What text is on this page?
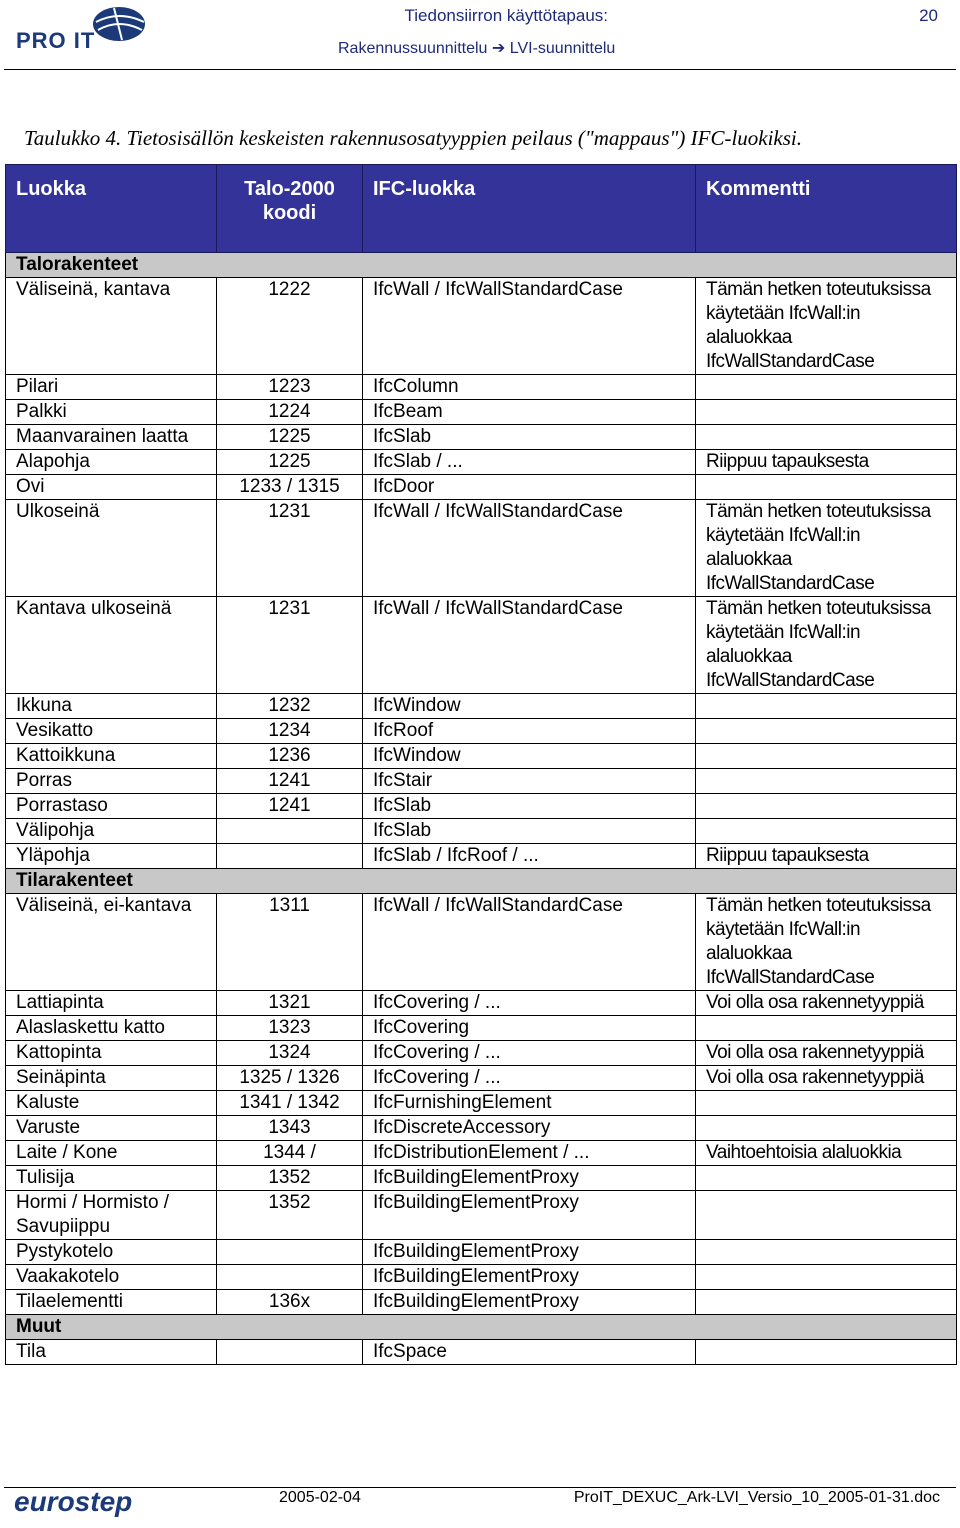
PRO IT
Tiedonsiirron käyttötapaus:	20
Rakennussuunnittelu ➔ LVI-suunnittelu
Taulukko 4. Tietosisällön keskeisten rakennusosatyyppien peilaus ("mappaus") IFC-luokiksi.
Luokka	Talo-2000 koodi	IFC-luokka	Kommentti
Talorakenteet			
Väliseinä, kantava	1222	IfcWall / IfcWallStandardCase	Tämän hetken toteutuksissa käytetään IfcWall:in alaluokkaa IfcWallStandardCase
Pilari	1223	IfcColumn	
Palkki	1224	IfcBeam	
Maanvarainen laatta	1225	IfcSlab	
Alapohja	1225	IfcSlab / ...	Riippuu tapauksesta
Ovi	1233 / 1315	IfcDoor	
Ulkoseinä	1231	IfcWall / IfcWallStandardCase	Tämän hetken toteutuksissa käytetään IfcWall:in alaluokkaa IfcWallStandardCase
Kantava ulkoseinä	1231	IfcWall / IfcWallStandardCase	Tämän hetken toteutuksissa käytetään IfcWall:in alaluokkaa IfcWallStandardCase
Ikkuna	1232	IfcWindow	
Vesikatto	1234	IfcRoof	
Kattoikkuna	1236	IfcWindow	
Porras	1241	IfcStair	
Porrastaso	1241	IfcSlab	
Välipohja		IfcSlab	
Yläpohja		IfcSlab / IfcRoof / ...	Riippuu tapauksesta
Tilarakenteet			
Väliseinä, ei-kantava	1311	IfcWall / IfcWallStandardCase	Tämän hetken toteutuksissa käytetään IfcWall:in alaluokkaa IfcWallStandardCase
Lattiapinta	1321	IfcCovering / ...	Voi olla osa rakennetyyppiä
Alaslaskettu katto	1323	IfcCovering	
Kattopinta	1324	IfcCovering / ...	Voi olla osa rakennetyyppiä
Seinäpinta	1325 / 1326	IfcCovering / ...	Voi olla osa rakennetyyppiä
Kaluste	1341 / 1342	IfcFurnishingElement	
Varuste	1343	IfcDiscreteAccessory	
Laite / Kone	1344 /	IfcDistributionElement / ...	Vaihtoehtoisia alaluokkia
Tulisija	1352	IfcBuildingElementProxy	
Hormi / Hormisto / Savupiippu	1352	IfcBuildingElementProxy	
Pystykotelo		IfcBuildingElementProxy	
Vaakakotelo		IfcBuildingElementProxy	
Tilaelementti	136x	IfcBuildingElementProxy	
Muut			
Tila		IfcSpace	
eurostep	2005-02-04	ProIT_DEXUC_Ark-LVI_Versio_10_2005-01-31.doc
